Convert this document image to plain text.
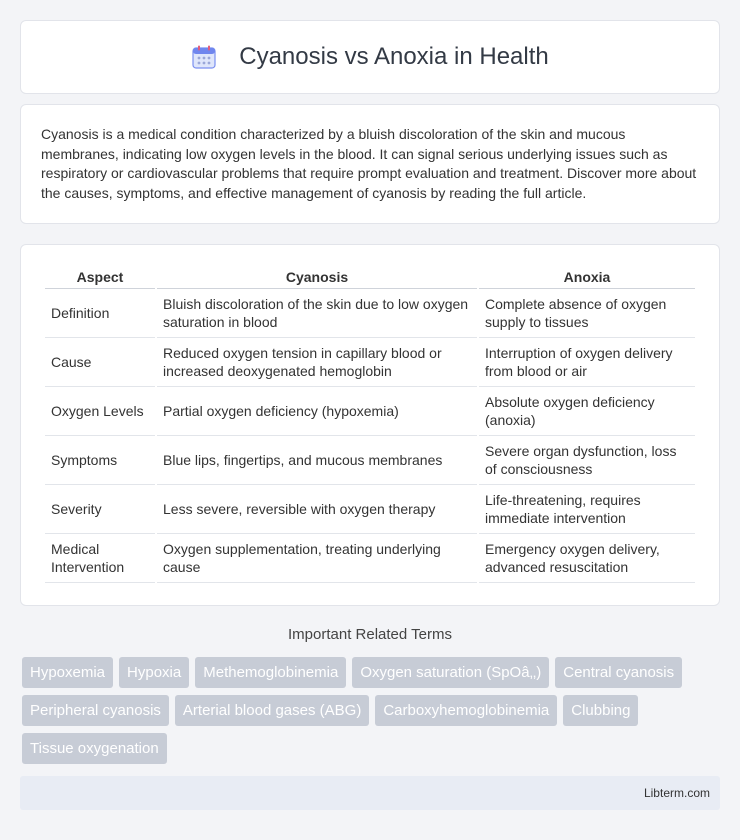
Cyanosis vs Anoxia in Health

Cyanosis is a medical condition characterized by a bluish discoloration of the skin and mucous membranes, indicating low oxygen levels in the blood. It can signal serious underlying issues such as respiratory or cardiovascular problems that require prompt evaluation and treatment. Discover more about the causes, symptoms, and effective management of cyanosis by reading the full article.

Aspect	Cyanosis	Anoxia
Definition	Bluish discoloration of the skin due to low oxygen saturation in blood	Complete absence of oxygen supply to tissues
Cause	Reduced oxygen tension in capillary blood or increased deoxygenated hemoglobin	Interruption of oxygen delivery from blood or air
Oxygen Levels	Partial oxygen deficiency (hypoxemia)	Absolute oxygen deficiency (anoxia)
Symptoms	Blue lips, fingertips, and mucous membranes	Severe organ dysfunction, loss of consciousness
Severity	Less severe, reversible with oxygen therapy	Life-threatening, requires immediate intervention
Medical Intervention	Oxygen supplementation, treating underlying cause	Emergency oxygen delivery, advanced resuscitation
Important Related Terms
Hypoxemia	Hypoxia	Methemoglobinemia	Oxygen saturation (SpOâ‚‚)	Central cyanosis
Peripheral cyanosis	Arterial blood gases (ABG)	Carboxyhemoglobinemia	Clubbing
Tissue oxygenation
Libterm.com
